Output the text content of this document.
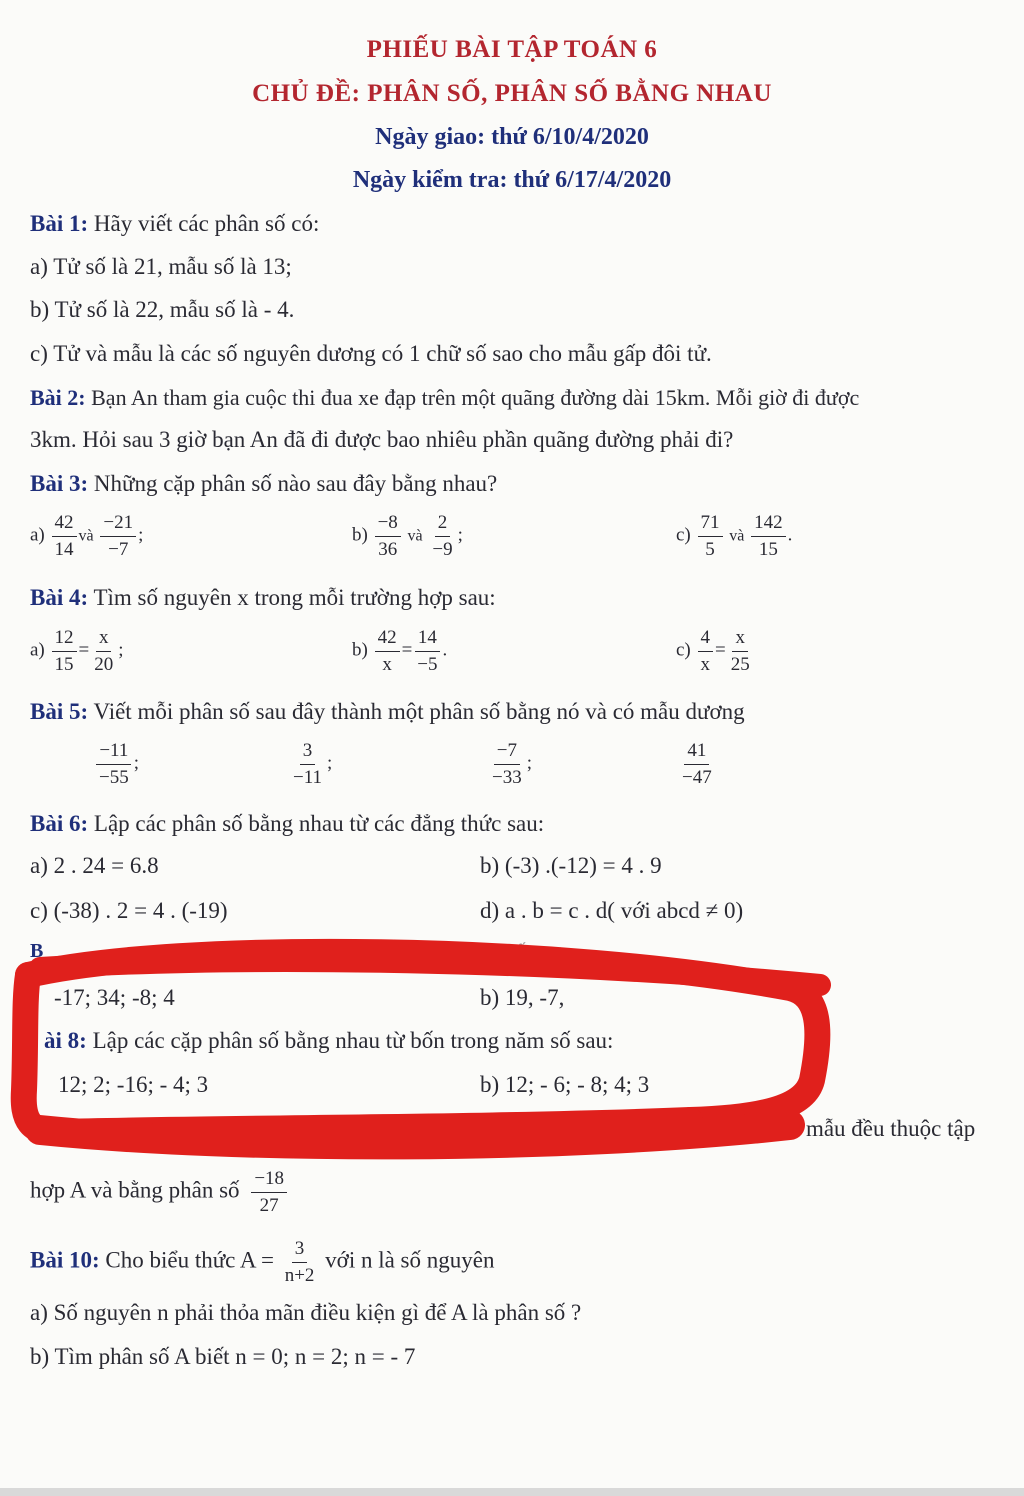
PHIẾU BÀI TẬP TOÁN 6
CHỦ ĐỀ: PHÂN SỐ, PHÂN SỐ BẰNG NHAU
Ngày giao: thứ 6/10/4/2020
Ngày kiểm tra: thứ 6/17/4/2020
Bài 1: Hãy viết các phân số có:
a) Tử số là 21, mẫu số là 13;
b) Tử số là 22, mẫu số là - 4.
c) Tử và mẫu là các số nguyên dương có 1 chữ số sao cho mẫu gấp đôi tử.
Bài 2: Bạn An tham gia cuộc thi đua xe đạp trên một quãng đường dài 15km. Mỗi giờ đi được
3km. Hỏi sau 3 giờ bạn An đã đi được bao nhiêu phần quãng đường phải đi?
Bài 3: Những cặp phân số nào sau đây bằng nhau?
$a) \frac{42}{14}$ và $\frac{-21}{-7}$ ;	$b) \frac{-8}{36}$ và $\frac{2}{-9}$ ;	$c) \frac{71}{5}$ và $\frac{142}{15}$ .
Bài 4: Tìm số nguyên x trong mỗi trường hợp sau:
$a) \frac{12}{15} = \frac{x}{20}$ ;	$b) \frac{42}{x} = \frac{14}{-5}$ .	$c) \frac{4}{x} = \frac{x}{25}$
Bài 5: Viết mỗi phân số sau đây thành một phân số bằng nó và có mẫu dương
$\frac{-11}{-55}$ ;	$\frac{3}{-11}$ ;	$\frac{-7}{-33}$ ;	$\frac{41}{-47}$
Bài 6: Lập các phân số bằng nhau từ các đẳng thức sau:
a) 2 . 24 = 6.8	b) (-3) .(-12) = 4 . 9
c) (-38) . 2 = 4 . (-19)	d) a . b = c . d( với abcd ≠ 0)
B	số sau:
-17; 34; -8; 4	b) 19, -7,
ài 8: Lập các cặp phân số bằng nhau từ bốn trong năm số sau:
12; 2; -16; - 4; 3	b) 12; - 6; - 8; 4; 3
à mẫu đều thuộc tập
hợp A và bằng phân số $\frac{-18}{27}$
Bài 10: Cho biểu thức $A = \frac{3}{n+2}$ với n là số nguyên
a) Số nguyên n phải thỏa mãn điều kiện gì để A là phân số ?
b) Tìm phân số A biết n = 0; n = 2; n = - 7
